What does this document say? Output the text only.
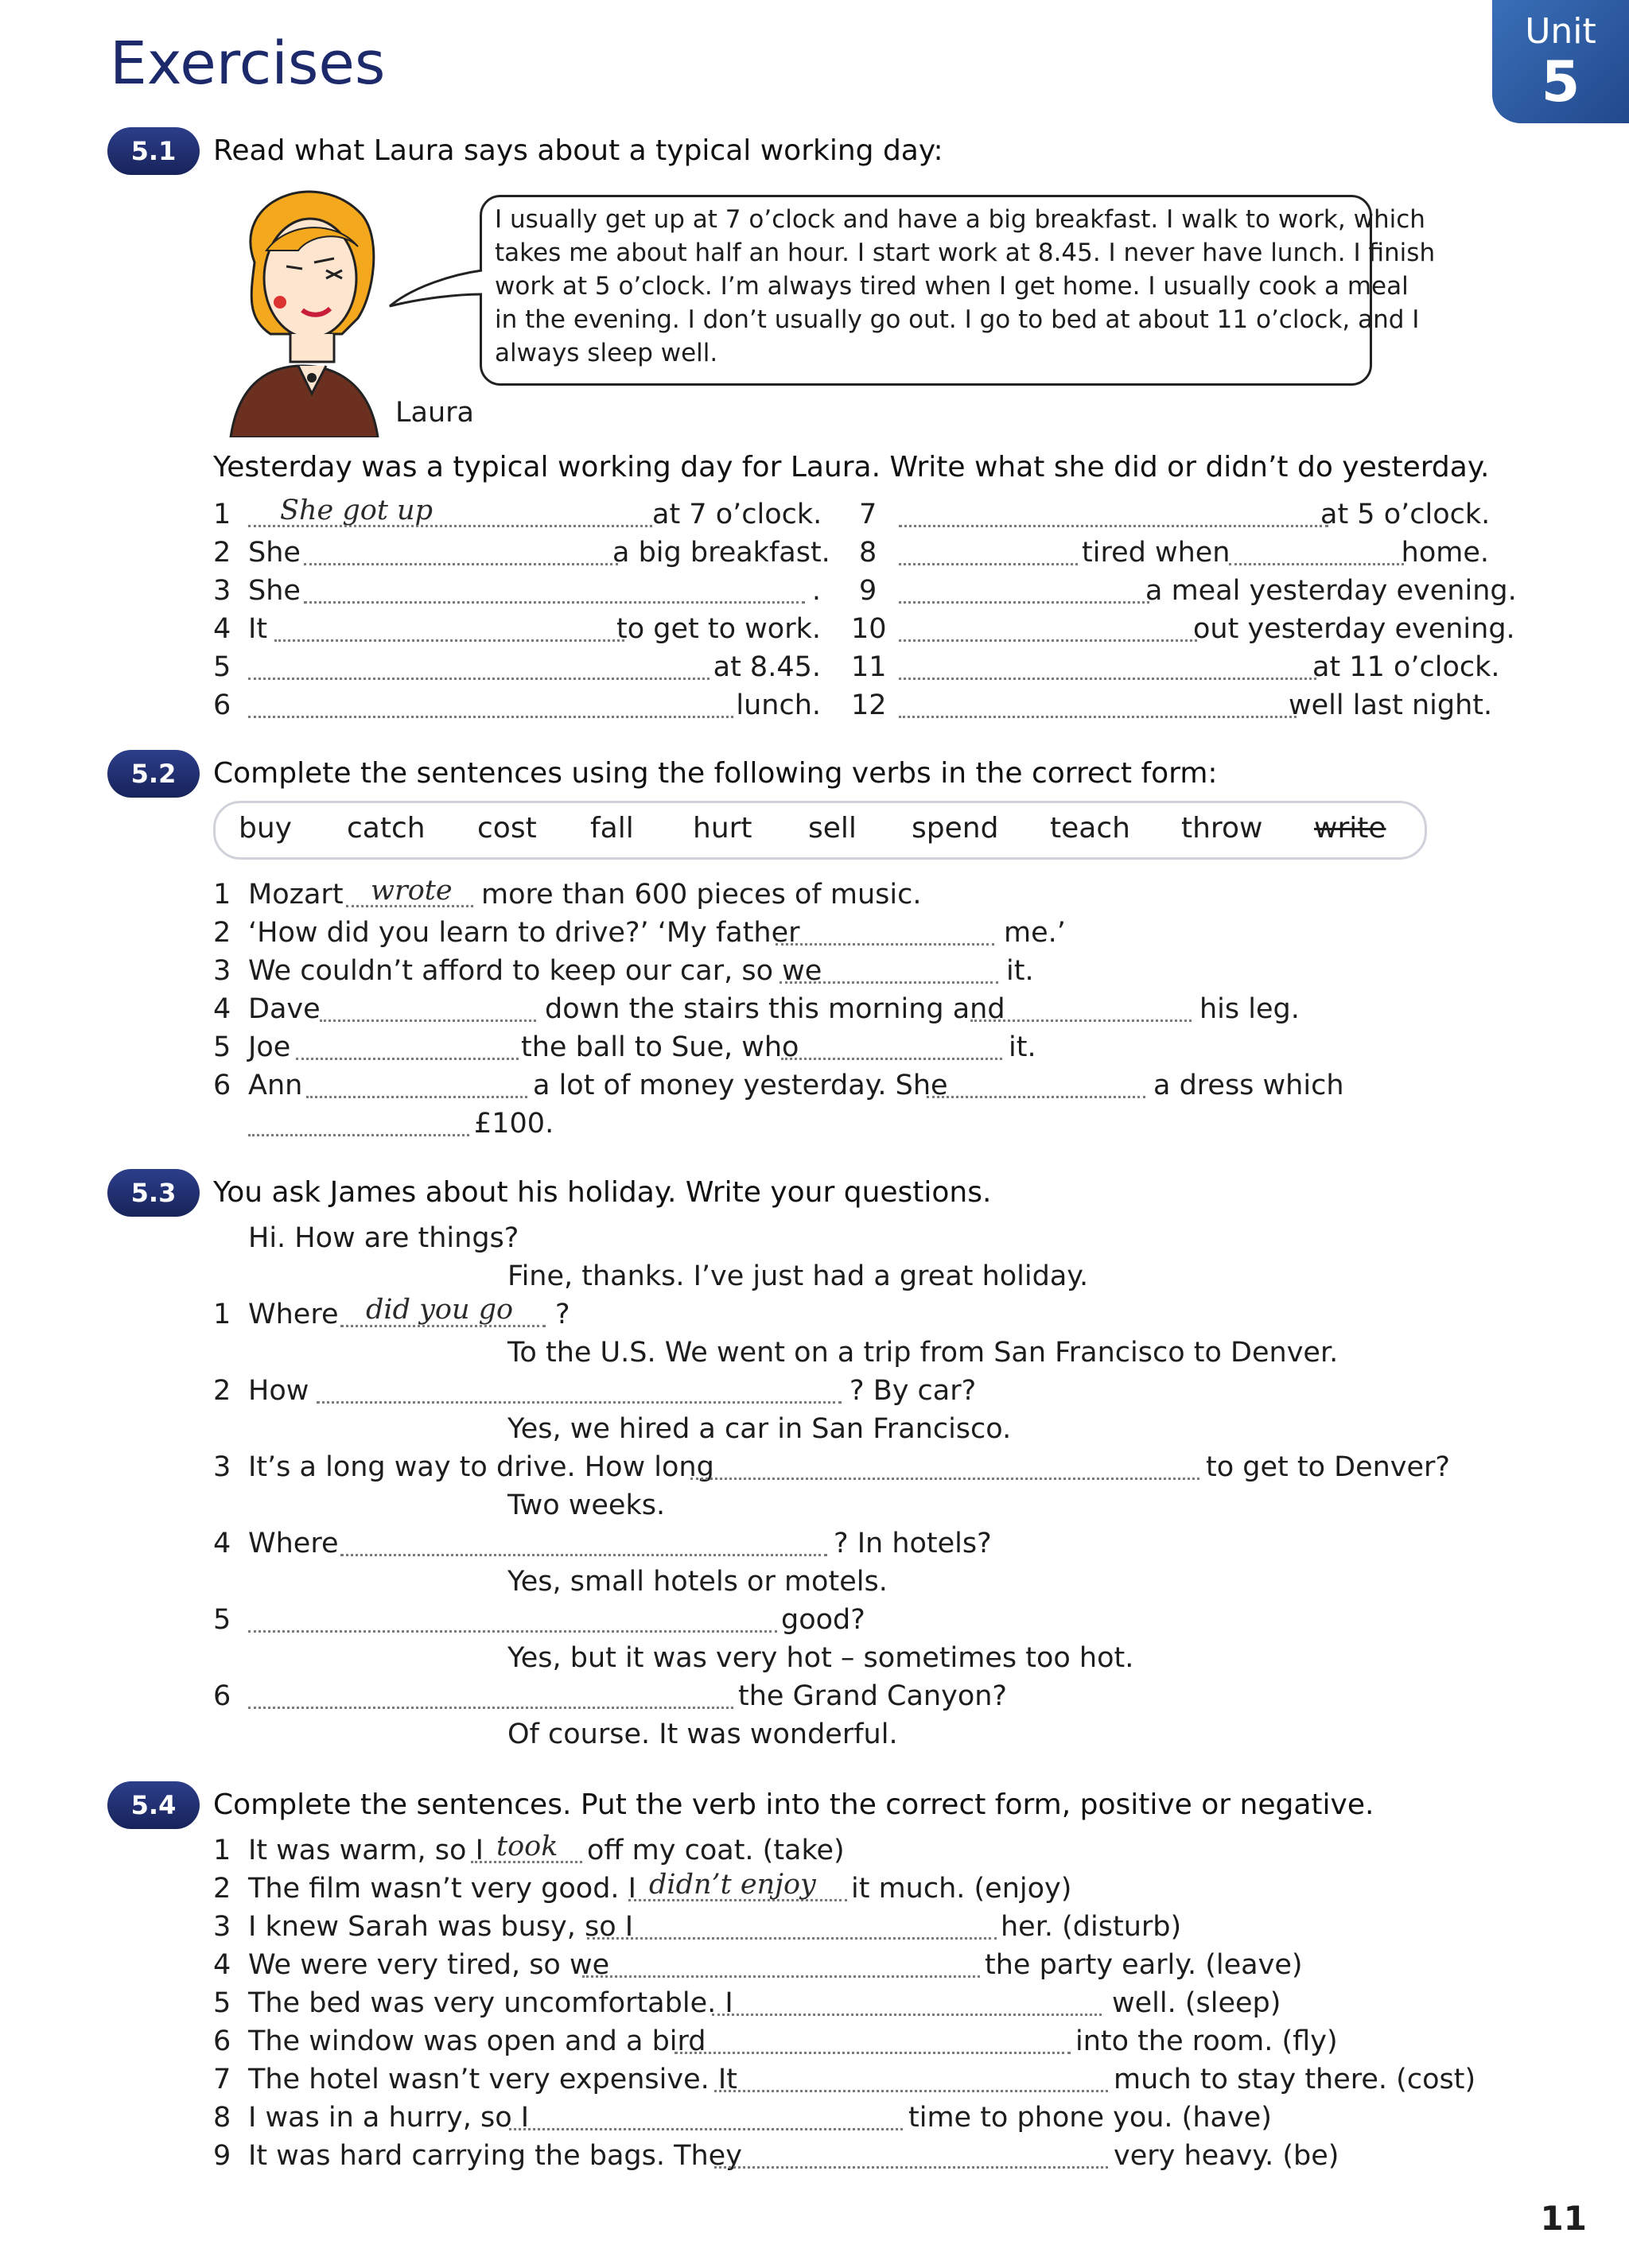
Exercises	Unit
5
5.1	Read what Laura says about a typical working day:
I usually get up at 7 o’clock and have a big breakfast. I walk to work, which
takes me about half an hour. I start work at 8.45. I never have lunch. I finish
work at 5 o’clock. I’m always tired when I get home. I usually cook a meal
in the evening. I don’t usually go out. I go to bed at about 11 o’clock, and I
always sleep well.
Laura
Yesterday was a typical working day for Laura. Write what she did or didn’t do yesterday.
1 She got up	at 7 o’clock.
2 She	a big breakfast.
3 She	.
4 It	to get to work.
5	at 8.45.
6	lunch.
7	at 5 o’clock.
8	tired when	home.
9	a meal yesterday evening.
10	out yesterday evening.
11	at 11 o’clock.
12	well last night.
5.2	Complete the sentences using the following verbs in the correct form:
buy catch cost fall hurt sell spend teach throw write
1 Mozart wrote more than 600 pieces of music.
2 ‘How did you learn to drive?’ ‘My father	me.’
3 We couldn’t afford to keep our car, so we	it.
4 Dave	down the stairs this morning and	his leg.
5 Joe	the ball to Sue, who	it.
6 Ann	a lot of money yesterday. She	a dress which
£100.
5.3	You ask James about his holiday. Write your questions.
Hi. How are things?
Fine, thanks. I’ve just had a great holiday.
1 Where did you go ?
To the U.S. We went on a trip from San Francisco to Denver.
2 How	? By car?
Yes, we hired a car in San Francisco.
3 It’s a long way to drive. How long	to get to Denver?
Two weeks.
4 Where	? In hotels?
Yes, small hotels or motels.
5	good?
Yes, but it was very hot – sometimes too hot.
6	the Grand Canyon?
Of course. It was wonderful.
5.4	Complete the sentences. Put the verb into the correct form, positive or negative.
1 It was warm, so I took off my coat. (take)
2 The film wasn’t very good. I didn’t enjoy it much. (enjoy)
3 I knew Sarah was busy, so I	her. (disturb)
4 We were very tired, so we	the party early. (leave)
5 The bed was very uncomfortable. I	well. (sleep)
6 The window was open and a bird	into the room. (fly)
7 The hotel wasn’t very expensive. It	much to stay there. (cost)
8 I was in a hurry, so I	time to phone you. (have)
9 It was hard carrying the bags. They	very heavy. (be)
11
